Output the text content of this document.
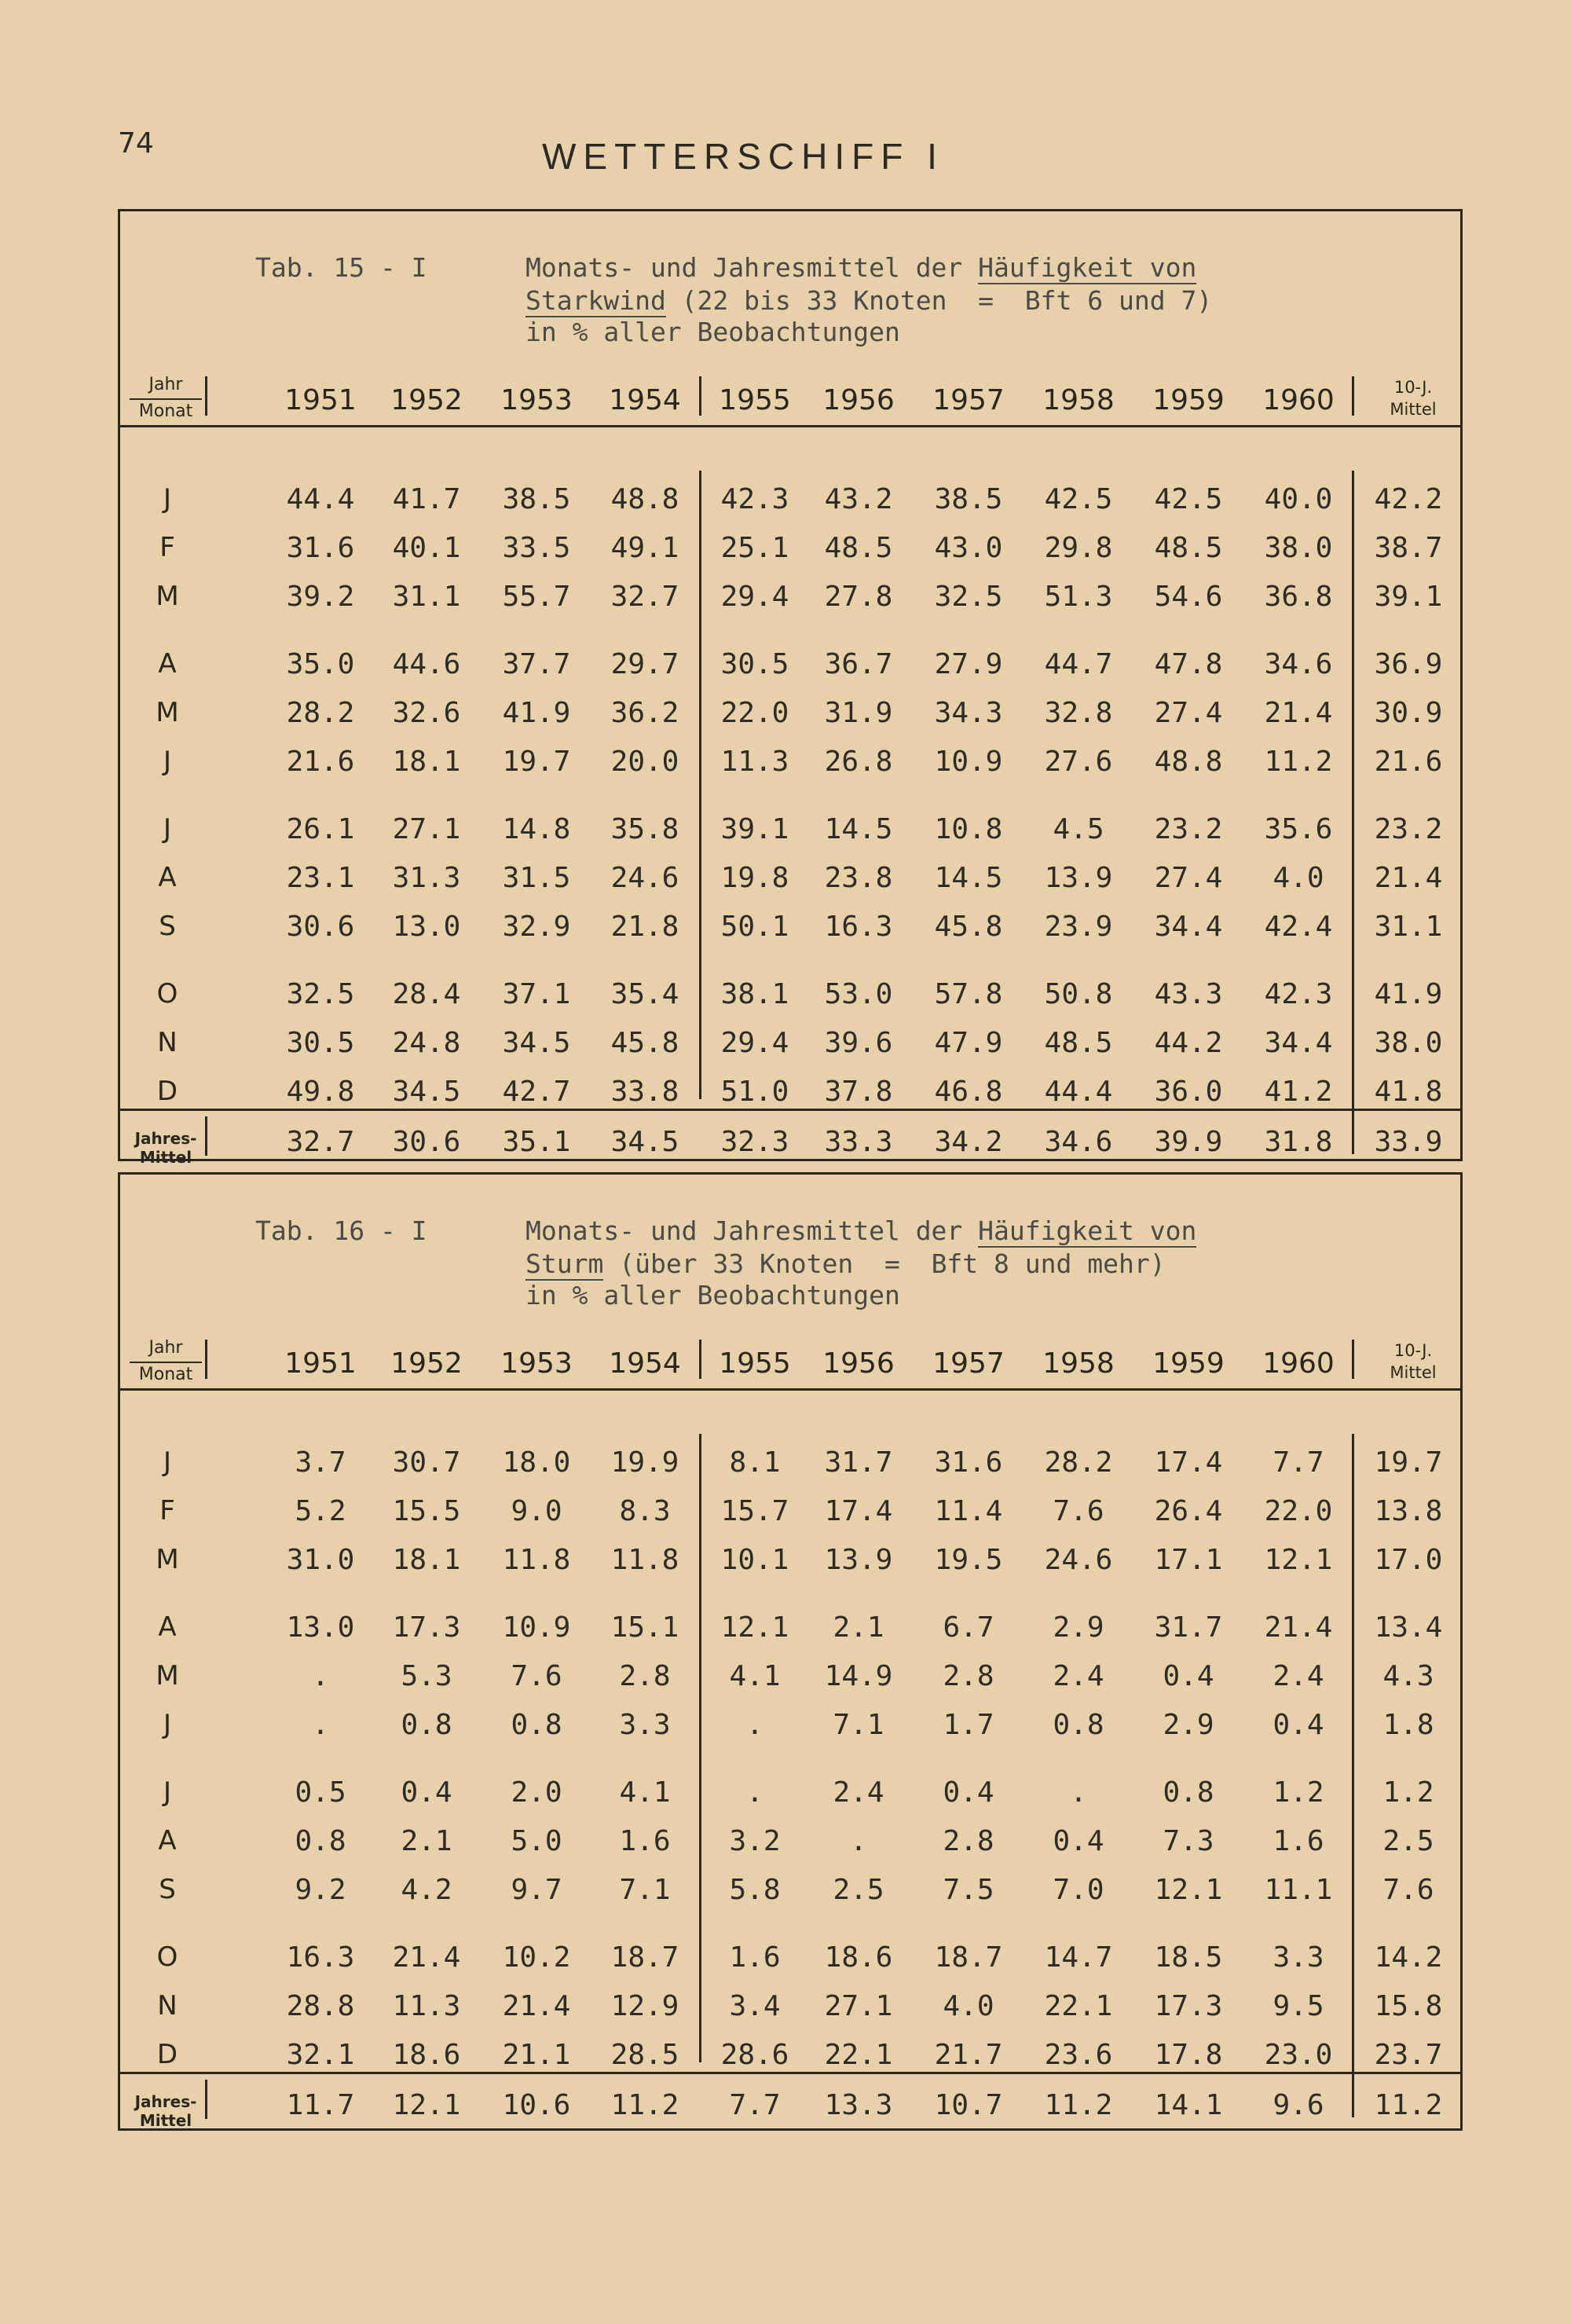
74	WETTERSCHIFF I
Tab. 15 - I	Monats- und Jahresmittel der Häufigkeit von
Starkwind (22 bis 33 Knoten  =  Bft 6 und 7)
in % aller Beobachtungen
Jahr
Monat	1951 1952 1953 1954 1955 1956 1957 1958 1959 1960	10-J.
Mittel
J	44.4 41.7 38.5 48.8 42.3 43.2 38.5 42.5 42.5 40.0 42.2
F	31.6 40.1 33.5 49.1 25.1 48.5 43.0 29.8 48.5 38.0 38.7
M	39.2 31.1 55.7 32.7 29.4 27.8 32.5 51.3 54.6 36.8 39.1
A	35.0 44.6 37.7 29.7 30.5 36.7 27.9 44.7 47.8 34.6 36.9
M	28.2 32.6 41.9 36.2 22.0 31.9 34.3 32.8 27.4 21.4 30.9
J	21.6 18.1 19.7 20.0 11.3 26.8 10.9 27.6 48.8 11.2 21.6
J	26.1 27.1 14.8 35.8 39.1 14.5 10.8 4.5 23.2 35.6 23.2
A	23.1 31.3 31.5 24.6 19.8 23.8 14.5 13.9 27.4 4.0 21.4
S	30.6 13.0 32.9 21.8 50.1 16.3 45.8 23.9 34.4 42.4 31.1
O	32.5 28.4 37.1 35.4 38.1 53.0 57.8 50.8 43.3 42.3 41.9
N	30.5 24.8 34.5 45.8 29.4 39.6 47.9 48.5 44.2 34.4 38.0
D	49.8 34.5 42.7 33.8 51.0 37.8 46.8 44.4 36.0 41.2 41.8
Jahres-
Mittel	32.7 30.6 35.1 34.5 32.3 33.3 34.2 34.6 39.9 31.8 33.9
Tab. 16 - I	Monats- und Jahresmittel der Häufigkeit von
Sturm (über 33 Knoten  =  Bft 8 und mehr)
in % aller Beobachtungen
Jahr
Monat	1951 1952 1953 1954 1955 1956 1957 1958 1959 1960	10-J.
Mittel
J	3.7 30.7 18.0 19.9 8.1 31.7 31.6 28.2 17.4 7.7 19.7
F	5.2 15.5 9.0 8.3 15.7 17.4 11.4 7.6 26.4 22.0 13.8
M	31.0 18.1 11.8 11.8 10.1 13.9 19.5 24.6 17.1 12.1 17.0
A	13.0 17.3 10.9 15.1 12.1 2.1 6.7 2.9 31.7 21.4 13.4
M	.	5.3 7.6 2.8 4.1 14.9 2.8 2.4 0.4 2.4 4.3
J	.	0.8 0.8 3.3	. 7.1 1.7 0.8 2.9 0.4 1.8
J	0.5 0.4 2.0 4.1	. 2.4 0.4	.	0.8 1.2 1.2
A	0.8 2.1 5.0 1.6 3.2 .	2.8 0.4 7.3 1.6 2.5
S	9.2 4.2 9.7 7.1 5.8 2.5 7.5 7.0 12.1 11.1 7.6
O	16.3 21.4 10.2 18.7 1.6 18.6 18.7 14.7 18.5 3.3 14.2
N	28.8 11.3 21.4 12.9 3.4 27.1 4.0 22.1 17.3 9.5 15.8
D	32.1 18.6 21.1 28.5 28.6 22.1 21.7 23.6 17.8 23.0 23.7
Jahres-
Mittel	11.7 12.1 10.6 11.2 7.7 13.3 10.7 11.2 14.1 9.6 11.2
